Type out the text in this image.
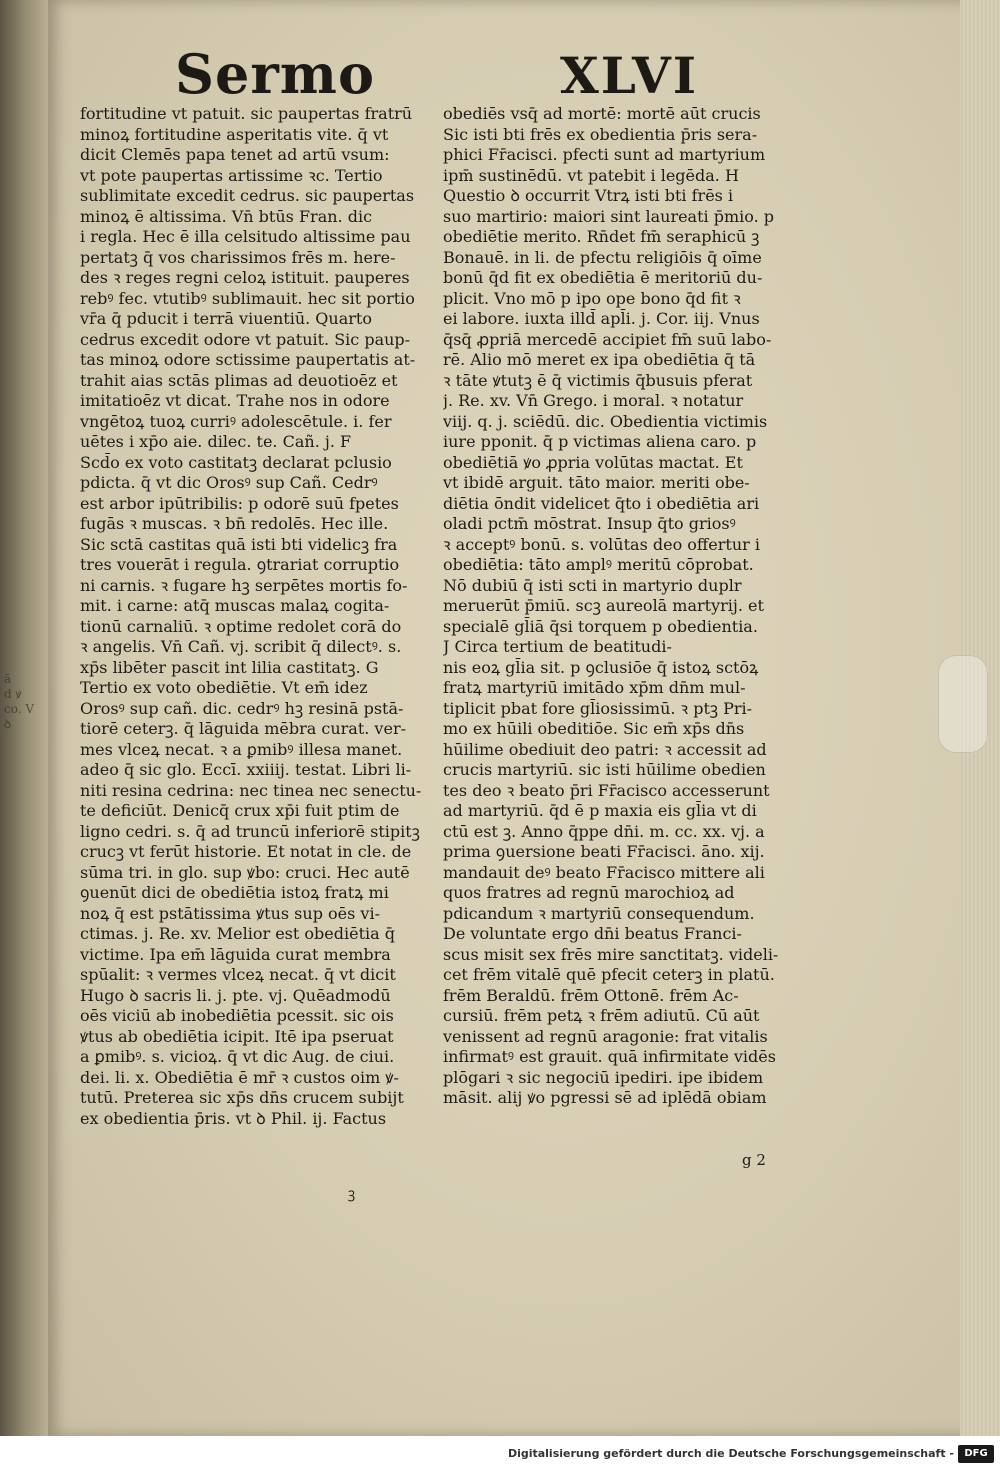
ā
d ꝟ
co. V
ꝺ
Sermo	XLVI
fortitudine vt patuit. sic paupertas fratrū
minoꝝ fortitudine asperitatis vite. q̄ vt
dicit Clemēs papa tenet ad artū vsum:
vt pote paupertas artissime ꝛc. Tertio
sublimitate excedit cedrus. sic paupertas
minoꝝ ē altissima. Vn̄ btūs Fran. dic
i regla. Hec ē illa celsitudo altissime pau
pertatꝫ q̄ vos charissimos frēs m. here-
des ꝛ reges regni celoꝝ istituit. pauperes
rebꝰ fec. vtutibꝰ sublimauit. hec sit portio
vr̄a q̄ pducit i terrā viuentiū. Quarto
cedrus excedit odore vt patuit. Sic paup-
tas minoꝝ odore sctissime paupertatis at-
trahit aias sctās plimas ad deuotioēz et
imitatioēz vt dicat. Trahe nos in odore
vngētoꝝ tuoꝝ curriꝰ adolescētule. i. fer
uētes i xp̄o aie. dilec. te. Cañ. j. F
Scd̄o ex voto castitatꝫ declarat pclusio
pdicta. q̄ vt dic Orosꝰ sup Cañ. Cedrꝰ
est arbor ipūtribilis: p odorē suū fpetes
fugās ꝛ muscas. ꝛ bn̄ redolēs. Hec ille.
Sic sctā castitas quā isti bti videlicꝫ fra
tres vouerāt i regula. ꝯtrariat corruptio
ni carnis. ꝛ fugare hꝫ serpētes mortis fo-
mit. i carne: atq̄ muscas malaꝝ cogita-
tionū carnaliū. ꝛ optime redolet corā do
ꝛ angelis. Vn̄ Cañ. vj. scribit q̄ dilectꝰ. s.
xp̄s libēter pascit int lilia castitatꝫ. G
Tertio ex voto obediētie. Vt em̄ idez
Orosꝰ sup cañ. dic. cedrꝰ hꝫ resinā pstā-
tiorē ceterꝫ. q̄ lāguida mēbra curat. ver-
mes vlceꝝ necat. ꝛ a ꝑmibꝰ illesa manet.
adeo q̄ sic glo. Eccī. xxiiij. testat. Libri li-
niti resina cedrina: nec tinea nec senectu-
te deficiūt. Denicq̄ crux xp̄i fuit ptim de
ligno cedri. s. q̄ ad truncū inferiorē stipitꝫ
crucꝫ vt ferūt historie. Et notat in cle. de
sūma tri. in glo. sup ꝟbo: cruci. Hec autē
ꝯuenūt dici de obediētia istoꝝ fratꝝ mi
noꝝ q̄ est pstātissima ꝟtus sup oēs vi-
ctimas. j. Re. xv. Melior est obediētia q̄
victime. Ipa em̄ lāguida curat membra
spūalit: ꝛ vermes vlceꝝ necat. q̄ vt dicit
Hugo ꝺ sacris li. j. pte. vj. Quēadmodū
oēs viciū ab inobediētia pcessit. sic ois
ꝟtus ab obediētia icipit. Itē ipa pseruat
a ꝑmibꝰ. s. vicioꝝ. q̄ vt dic Aug. de ciui.
dei. li. x. Obediētia ē mr̄ ꝛ custos oim ꝟ-
tutū. Preterea sic xp̄s dn̄s crucem subijt
ex obedientia p̄ris. vt ꝺ Phil. ij. Factus
obediēs vsq̄ ad mortē: mortē aūt crucis
Sic isti bti frēs ex obedientia p̄ris sera-
phici Fr̄acisci. pfecti sunt ad martyrium
ipm̄ sustinēdū. vt patebit i legēda. H
Questio ꝺ occurrit Vtrꝝ isti bti frēs i
suo martirio: maiori sint laureati p̄mio. p
obediētie merito. Rn̄det fm̄ seraphicū ꝫ
Bonauē. in li. de pfectu religiōis q̄ oīme
bonū q̄d fit ex obediētia ē meritoriū du-
plicit. Vno mō p ipo ope bono q̄d fit ꝛ
ei labore. iuxta illd̄ apl̄i. j. Cor. iij. Vnus
q̄sq̄ ꝓpriā mercedē accipiet fm̄ suū labo-
rē. Alio mō meret ex ipa obediētia q̄ tā
ꝛ tāte ꝟtutꝫ ē q̄ victimis q̄busuis pferat
j. Re. xv. Vn̄ Grego. i moral. ꝛ notatur
viij. q. j. sciēdū. dic. Obedientia victimis
iure pponit. q̄ p victimas aliena caro. p
obediētiā ꝟo ꝓpria volūtas mactat. Et
vt ibidē arguit. tāto maior. meriti obe-
diētia ōndit videlicet q̄to i obediētia ari
oladi pctm̄ mōstrat. Insup q̄to griosꝰ
ꝛ acceptꝰ bonū. s. volūtas deo offertur i
obediētia: tāto amplꝰ meritū cōprobat.
Nō dubiū q̄ isti scti in martyrio duplr
meruerūt p̄miū. scꝫ aureolā martyrij. et
specialē gl̄iā q̄si torquem p obedientia.
J Circa tertium de beatitudi-
nis eoꝝ gl̄ia sit. p ꝯclusiōe q̄ istoꝝ sctōꝝ
fratꝝ martyriū imitādo xp̄m dn̄m mul-
tiplicit pbat fore gl̄iosissimū. ꝛ ptꝫ Pri-
mo ex hūili obeditiōe. Sic em̄ xp̄s dn̄s
hūilime obediuit deo patri: ꝛ accessit ad
crucis martyriū. sic isti hūilime obedien
tes deo ꝛ beato p̄ri Fr̄acisco accesserunt
ad martyriū. q̄d ē p maxia eis gl̄ia vt di
ctū est ꝫ. Anno q̄ppe dn̄i. m. cc. xx. vj. a
prima ꝯuersione beati Fr̄acisci. āno. xij.
mandauit deꝰ beato Fr̄acisco mittere ali
quos fratres ad regnū marochioꝝ ad
pdicandum ꝛ martyriū consequendum.
De voluntate ergo dn̄i beatus Franci-
scus misit sex frēs mire sanctitatꝫ. videli-
cet frēm vitalē quē pfecit ceterꝫ in platū.
frēm Beraldū. frēm Ottonē. frēm Ac-
cursiū. frēm petꝝ ꝛ frēm adiutū. Cū aūt
venissent ad regnū aragonie: frat vitalis
infirmatꝰ est grauit. quā infirmitate vidēs
plōgari ꝛ sic negociū ipediri. ipe ibidem
māsit. alij ꝟo pgressi sē ad iplēdā obiam
g 2
ꝫ
Digitalisierung gefördert durch die Deutsche Forschungsgemeinschaft -	DFG
